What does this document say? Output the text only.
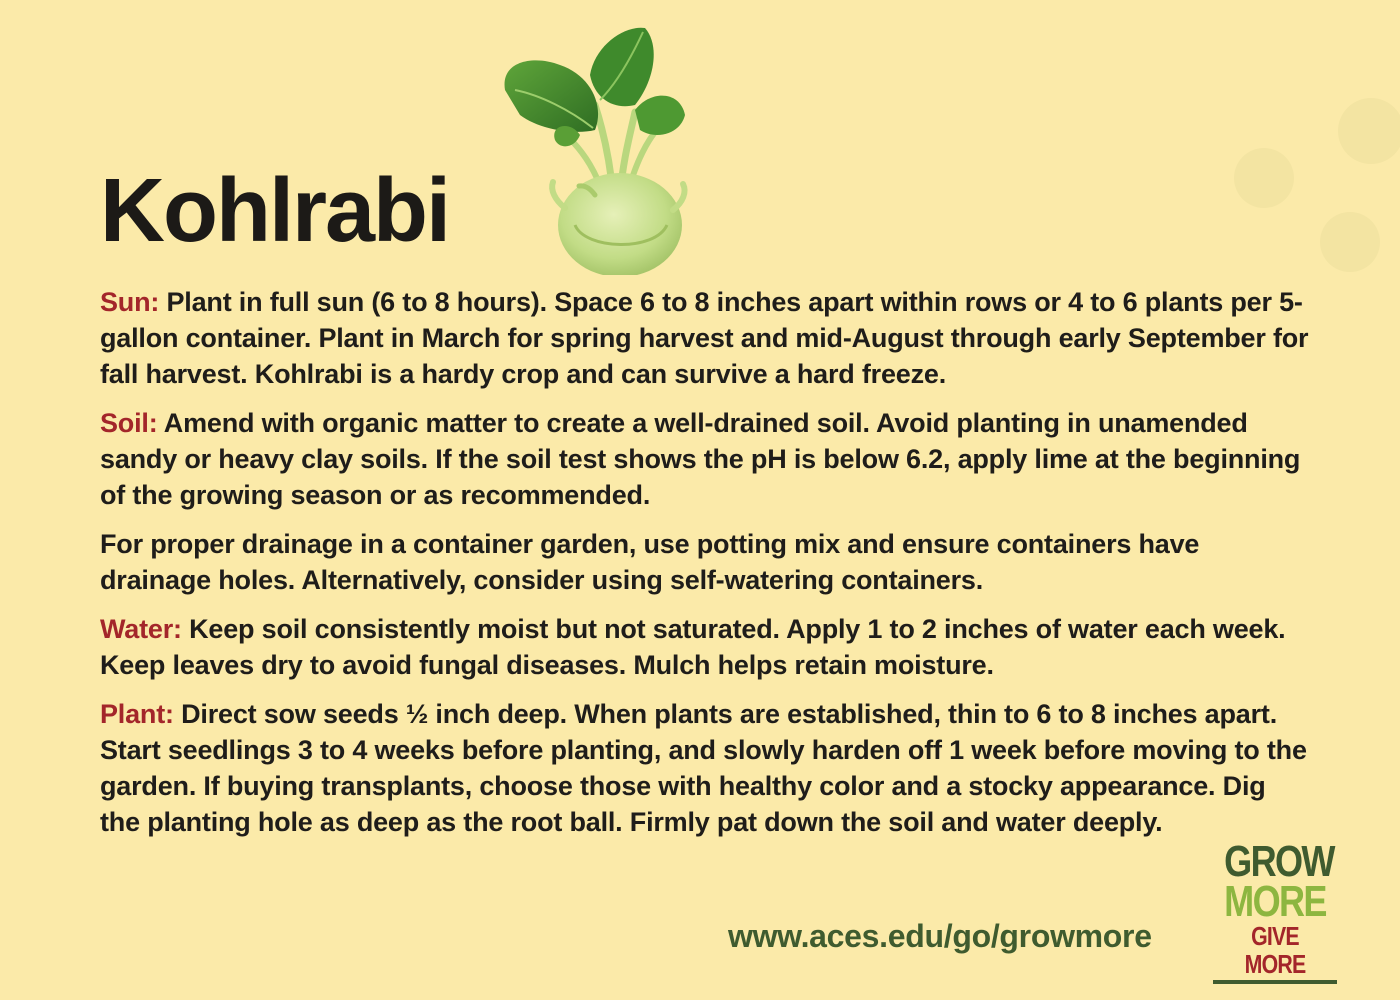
Kohlrabi

Sun: Plant in full sun (6 to 8 hours). Space 6 to 8 inches apart within rows or 4 to 6 plants per 5-gallon container. Plant in March for spring harvest and mid-August through early September for fall harvest. Kohlrabi is a hardy crop and can survive a hard freeze.

Soil: Amend with organic matter to create a well-drained soil. Avoid planting in unamended sandy or heavy clay soils. If the soil test shows the pH is below 6.2, apply lime at the beginning of the growing season or as recommended.

For proper drainage in a container garden, use potting mix and ensure containers have drainage holes. Alternatively, consider using self-watering containers.

Water: Keep soil consistently moist but not saturated. Apply 1 to 2 inches of water each week. Keep leaves dry to avoid fungal diseases. Mulch helps retain moisture.

Plant: Direct sow seeds ½ inch deep. When plants are established, thin to 6 to 8 inches apart. Start seedlings 3 to 4 weeks before planting, and slowly harden off 1 week before moving to the garden. If buying transplants, choose those with healthy color and a stocky appearance. Dig the planting hole as deep as the root ball. Firmly pat down the soil and water deeply.

www.aces.edu/go/growmore
GROW
MORE
GIVE MORE
